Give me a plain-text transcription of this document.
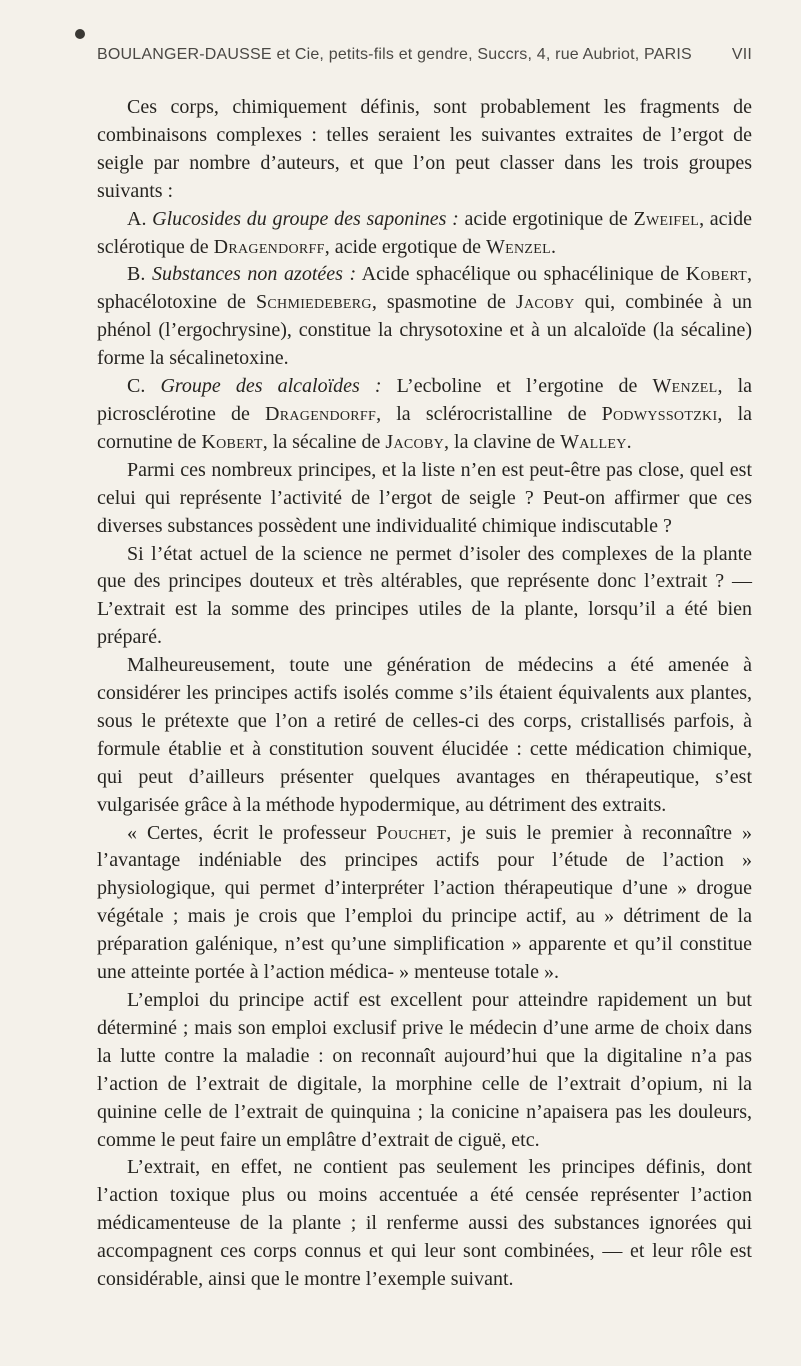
BOULANGER-DAUSSE et Cie, petits-fils et gendre, Succrs, 4, rue Aubriot, PARIS VII

Ces corps, chimiquement définis, sont probablement les fragments de combinaisons complexes : telles seraient les suivantes extraites de l’ergot de seigle par nombre d’auteurs, et que l’on peut classer dans les trois groupes suivants :

A. Glucosides du groupe des saponines : acide ergotinique de Zweifel, acide sclérotique de Dragendorff, acide ergotique de Wenzel.

B. Substances non azotées : Acide sphacélique ou sphacélinique de Kobert, sphacélotoxine de Schmiedeberg, spasmotine de Jacoby qui, combinée à un phénol (l’ergochrysine), constitue la chrysotoxine et à un alcaloïde (la sécaline) forme la sécalinetoxine.

C. Groupe des alcaloïdes : L’ecboline et l’ergotine de Wenzel, la picrosclérotine de Dragendorff, la sclérocristalline de Podwyssotzki, la cornutine de Kobert, la sécaline de Jacoby, la clavine de Walley.

Parmi ces nombreux principes, et la liste n’en est peut-être pas close, quel est celui qui représente l’activité de l’ergot de seigle ? Peut-on affirmer que ces diverses substances possèdent une individualité chimique indiscutable ?

Si l’état actuel de la science ne permet d’isoler des complexes de la plante que des principes douteux et très altérables, que représente donc l’extrait ? — L’extrait est la somme des principes utiles de la plante, lorsqu’il a été bien préparé.

Malheureusement, toute une génération de médecins a été amenée à considérer les principes actifs isolés comme s’ils étaient équivalents aux plantes, sous le prétexte que l’on a retiré de celles-ci des corps, cristallisés parfois, à formule établie et à constitution souvent élucidée : cette médication chimique, qui peut d’ailleurs présenter quelques avantages en thérapeutique, s’est vulgarisée grâce à la méthode hypodermique, au détriment des extraits.

« Certes, écrit le professeur Pouchet, je suis le premier à reconnaître » l’avantage indéniable des principes actifs pour l’étude de l’action » physiologique, qui permet d’interpréter l’action thérapeutique d’une » drogue végétale ; mais je crois que l’emploi du principe actif, au » détriment de la préparation galénique, n’est qu’une simplification » apparente et qu’il constitue une atteinte portée à l’action médica- » menteuse totale ».

L’emploi du principe actif est excellent pour atteindre rapidement un but déterminé ; mais son emploi exclusif prive le médecin d’une arme de choix dans la lutte contre la maladie : on reconnaît aujourd’hui que la digitaline n’a pas l’action de l’extrait de digitale, la morphine celle de l’extrait d’opium, ni la quinine celle de l’extrait de quinquina ; la conicine n’apaisera pas les douleurs, comme le peut faire un emplâtre d’extrait de ciguë, etc.

L’extrait, en effet, ne contient pas seulement les principes définis, dont l’action toxique plus ou moins accentuée a été censée représenter l’action médicamenteuse de la plante ; il renferme aussi des substances ignorées qui accompagnent ces corps connus et qui leur sont combinées, — et leur rôle est considérable, ainsi que le montre l’exemple suivant.
